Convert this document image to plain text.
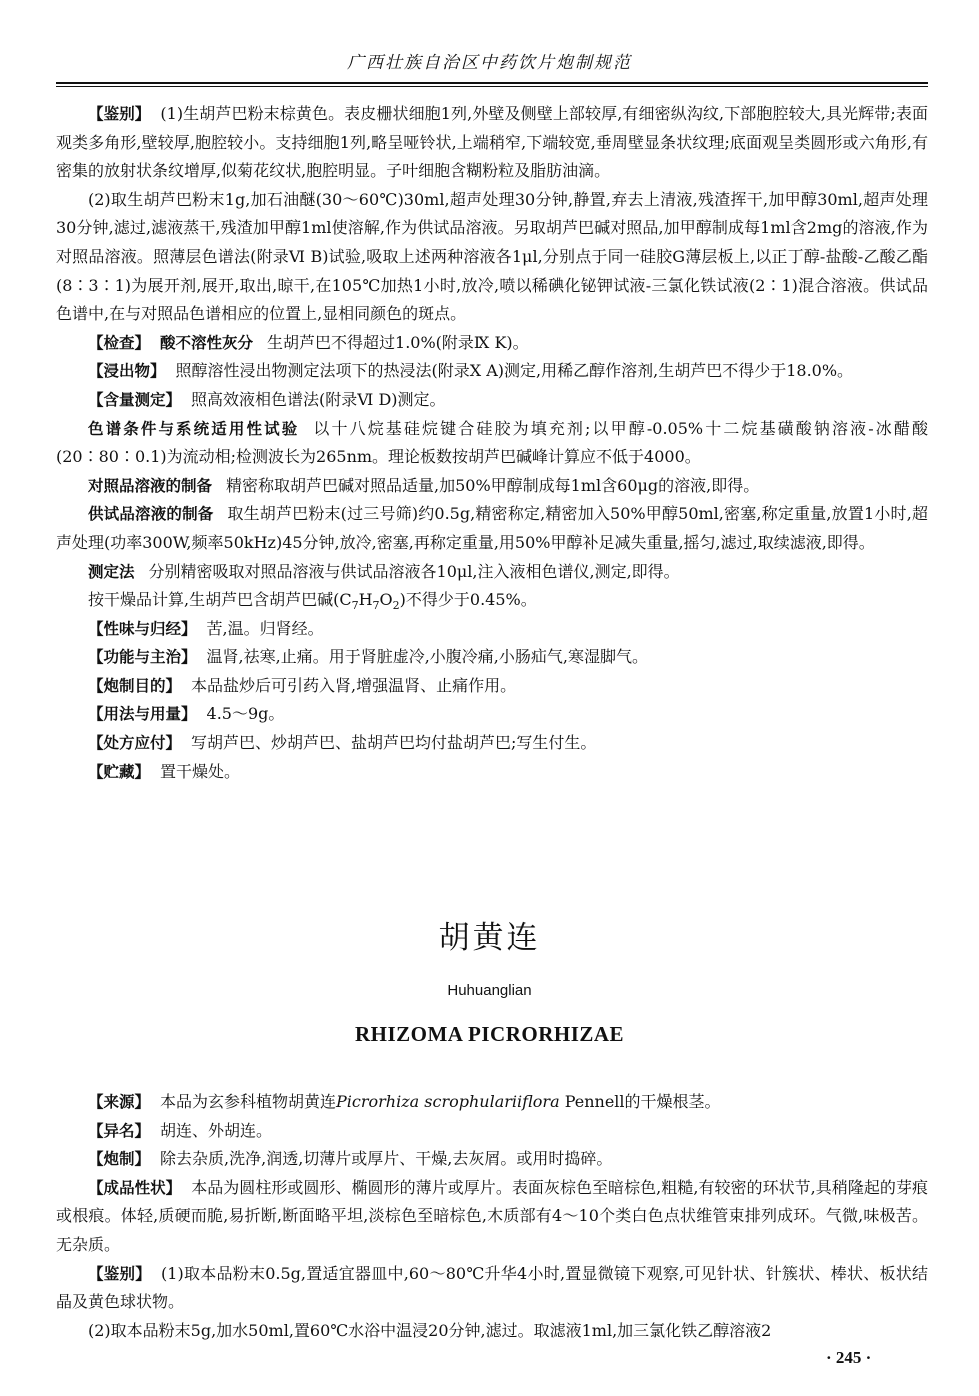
广西壮族自治区中药饮片炮制规范

【鉴别】 (1)生胡芦巴粉末棕黄色。表皮栅状细胞1列,外壁及侧壁上部较厚,有细密纵沟纹,下部胞腔较大,具光辉带;表面观类多角形,壁较厚,胞腔较小。支持细胞1列,略呈哑铃状,上端稍窄,下端较宽,垂周壁显条状纹理;底面观呈类圆形或六角形,有密集的放射状条纹增厚,似菊花纹状,胞腔明显。子叶细胞含糊粉粒及脂肪油滴。

(2)取生胡芦巴粉末1g,加石油醚(30～60℃)30ml,超声处理30分钟,静置,弃去上清液,残渣挥干,加甲醇30ml,超声处理30分钟,滤过,滤液蒸干,残渣加甲醇1ml使溶解,作为供试品溶液。另取胡芦巴碱对照品,加甲醇制成每1ml含2mg的溶液,作为对照品溶液。照薄层色谱法(附录Ⅵ B)试验,吸取上述两种溶液各1μl,分别点于同一硅胶G薄层板上,以正丁醇-盐酸-乙酸乙酯(8∶3∶1)为展开剂,展开,取出,晾干,在105℃加热1小时,放冷,喷以稀碘化铋钾试液-三氯化铁试液(2∶1)混合溶液。供试品色谱中,在与对照品色谱相应的位置上,显相同颜色的斑点。

【检查】 酸不溶性灰分 生胡芦巴不得超过1.0%(附录Ⅸ K)。

【浸出物】 照醇溶性浸出物测定法项下的热浸法(附录Ⅹ A)测定,用稀乙醇作溶剂,生胡芦巴不得少于18.0%。

【含量测定】 照高效液相色谱法(附录Ⅵ D)测定。

色谱条件与系统适用性试验 以十八烷基硅烷键合硅胶为填充剂;以甲醇-0.05%十二烷基磺酸钠溶液-冰醋酸(20∶80∶0.1)为流动相;检测波长为265nm。理论板数按胡芦巴碱峰计算应不低于4000。

对照品溶液的制备 精密称取胡芦巴碱对照品适量,加50%甲醇制成每1ml含60μg的溶液,即得。

供试品溶液的制备 取生胡芦巴粉末(过三号筛)约0.5g,精密称定,精密加入50%甲醇50ml,密塞,称定重量,放置1小时,超声处理(功率300W,频率50kHz)45分钟,放冷,密塞,再称定重量,用50%甲醇补足减失重量,摇匀,滤过,取续滤液,即得。

测定法 分别精密吸取对照品溶液与供试品溶液各10μl,注入液相色谱仪,测定,即得。

按干燥品计算,生胡芦巴含胡芦巴碱$(C_7H_7O_2)$不得少于0.45%。

【性味与归经】 苦,温。归肾经。

【功能与主治】 温肾,祛寒,止痛。用于肾脏虚冷,小腹冷痛,小肠疝气,寒湿脚气。

【炮制目的】 本品盐炒后可引药入肾,增强温肾、止痛作用。

【用法与用量】 4.5～9g。

【处方应付】 写胡芦巴、炒胡芦巴、盐胡芦巴均付盐胡芦巴;写生付生。

【贮藏】 置干燥处。

胡黄连
Huhuanglian
RHIZOMA PICRORHIZAE

【来源】 本品为玄参科植物胡黄连Picrorhiza scrophulariiflora Pennell的干燥根茎。

【异名】 胡连、外胡连。

【炮制】 除去杂质,洗净,润透,切薄片或厚片、干燥,去灰屑。或用时捣碎。

【成品性状】 本品为圆柱形或圆形、椭圆形的薄片或厚片。表面灰棕色至暗棕色,粗糙,有较密的环状节,具稍隆起的芽痕或根痕。体轻,质硬而脆,易折断,断面略平坦,淡棕色至暗棕色,木质部有4～10个类白色点状维管束排列成环。气微,味极苦。无杂质。

【鉴别】 (1)取本品粉末0.5g,置适宜器皿中,60～80℃升华4小时,置显微镜下观察,可见针状、针簇状、棒状、板状结晶及黄色球状物。

(2)取本品粉末5g,加水50ml,置60℃水浴中温浸20分钟,滤过。取滤液1ml,加三氯化铁乙醇溶液2

· 245 ·
